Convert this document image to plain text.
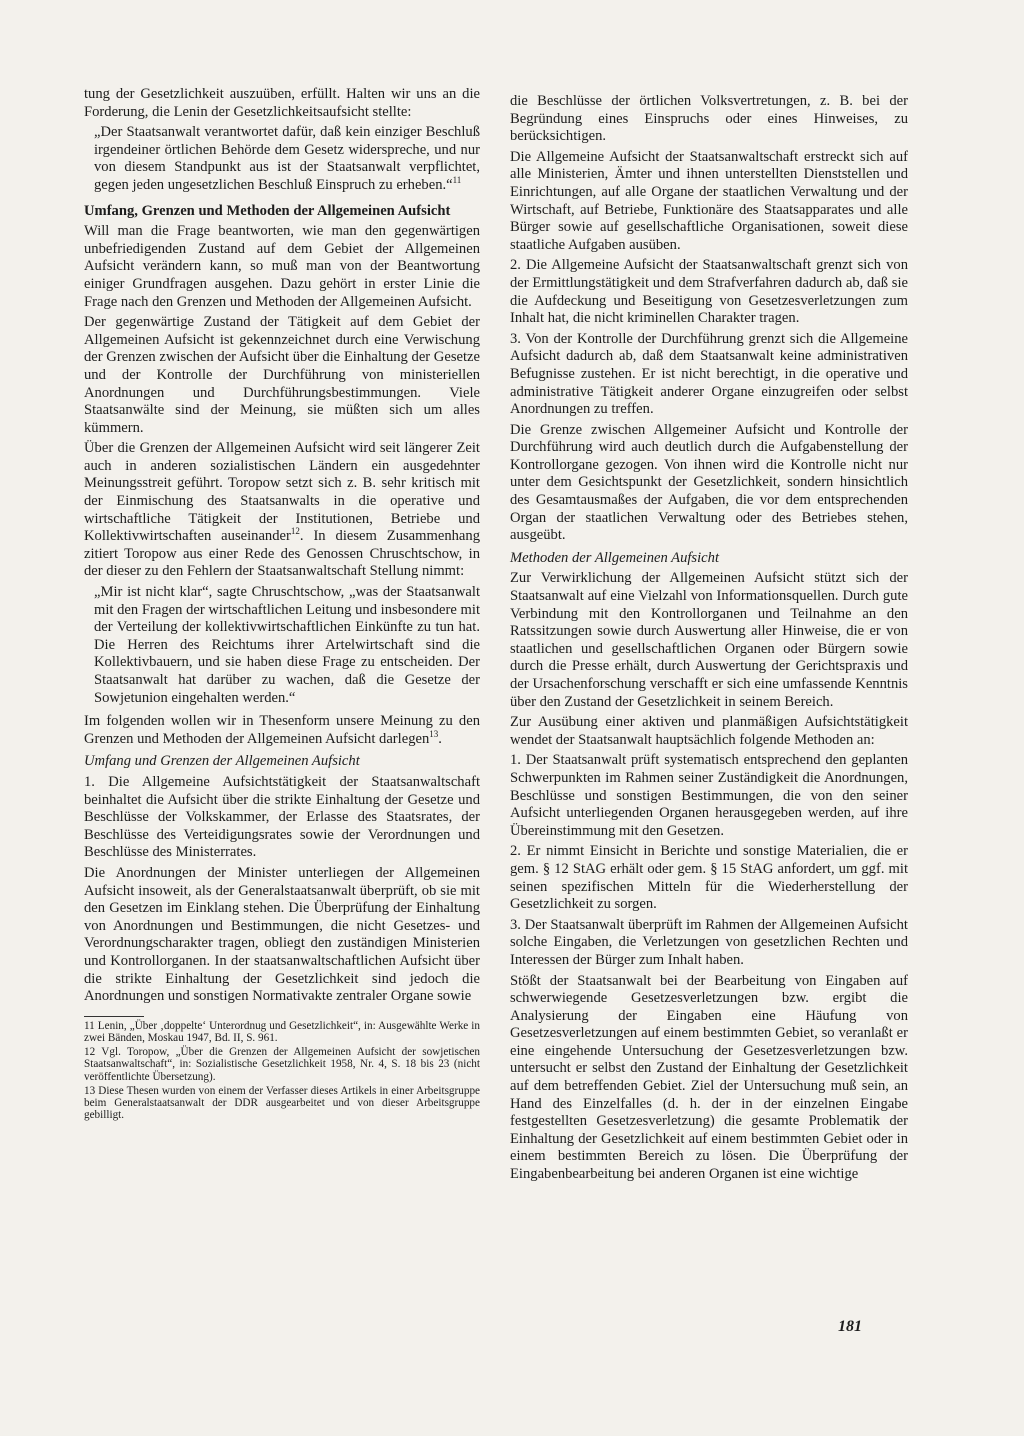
tung der Gesetzlichkeit auszuüben, erfüllt. Halten wir uns an die Forderung, die Lenin der Gesetzlichkeitsaufsicht stellte:

„Der Staatsanwalt verantwortet dafür, daß kein einziger Beschluß irgendeiner örtlichen Behörde dem Gesetz widerspreche, und nur von diesem Standpunkt aus ist der Staatsanwalt verpflichtet, gegen jeden ungesetzlichen Beschluß Einspruch zu erheben.“$^{11}$

Umfang, Grenzen und Methoden der Allgemeinen Aufsicht

Will man die Frage beantworten, wie man den gegenwärtigen unbefriedigenden Zustand auf dem Gebiet der Allgemeinen Aufsicht verändern kann, so muß man von der Beantwortung einiger Grundfragen ausgehen. Dazu gehört in erster Linie die Frage nach den Grenzen und Methoden der Allgemeinen Aufsicht.

Der gegenwärtige Zustand der Tätigkeit auf dem Gebiet der Allgemeinen Aufsicht ist gekennzeichnet durch eine Verwischung der Grenzen zwischen der Aufsicht über die Einhaltung der Gesetze und der Kontrolle der Durchführung von ministeriellen Anordnungen und Durchführungsbestimmungen. Viele Staatsanwälte sind der Meinung, sie müßten sich um alles kümmern.

Über die Grenzen der Allgemeinen Aufsicht wird seit längerer Zeit auch in anderen sozialistischen Ländern ein ausgedehnter Meinungsstreit geführt. Toropow setzt sich z. B. sehr kritisch mit der Einmischung des Staatsanwalts in die operative und wirtschaftliche Tätigkeit der Institutionen, Betriebe und Kollektivwirtschaften auseinander$^{12}$. In diesem Zusammenhang zitiert Toropow aus einer Rede des Genossen Chruschtschow, in der dieser zu den Fehlern der Staatsanwaltschaft Stellung nimmt:

„Mir ist nicht klar“, sagte Chruschtschow, „was der Staatsanwalt mit den Fragen der wirtschaftlichen Leitung und insbesondere mit der Verteilung der kollektivwirtschaftlichen Einkünfte zu tun hat. Die Herren des Reichtums ihrer Artelwirtschaft sind die Kollektivbauern, und sie haben diese Frage zu entscheiden. Der Staatsanwalt hat darüber zu wachen, daß die Gesetze der Sowjetunion eingehalten werden.“

Im folgenden wollen wir in Thesenform unsere Meinung zu den Grenzen und Methoden der Allgemeinen Aufsicht darlegen$^{13}$.

Umfang und Grenzen der Allgemeinen Aufsicht

1. Die Allgemeine Aufsichtstätigkeit der Staatsanwaltschaft beinhaltet die Aufsicht über die strikte Einhaltung der Gesetze und Beschlüsse der Volkskammer, der Erlasse des Staatsrates, der Beschlüsse des Verteidigungsrates sowie der Verordnungen und Beschlüsse des Ministerrates.

Die Anordnungen der Minister unterliegen der Allgemeinen Aufsicht insoweit, als der Generalstaatsanwalt überprüft, ob sie mit den Gesetzen im Einklang stehen. Die Überprüfung der Einhaltung von Anordnungen und Bestimmungen, die nicht Gesetzes- und Verordnungscharakter tragen, obliegt den zuständigen Ministerien und Kontrollorganen. In der staatsanwaltschaftlichen Aufsicht über die strikte Einhaltung der Gesetzlichkeit sind jedoch die Anordnungen und sonstigen Normativakte zentraler Organe sowie

11 Lenin, „Über ‚doppelte‘ Unterordnug und Gesetzlichkeit“, in: Ausgewählte Werke in zwei Bänden, Moskau 1947, Bd. II, S. 961.

12 Vgl. Toropow, „Über die Grenzen der Allgemeinen Aufsicht der sowjetischen Staatsanwaltschaft“, in: Sozialistische Gesetzlichkeit 1958, Nr. 4, S. 18 bis 23 (nicht veröffentlichte Übersetzung).

13 Diese Thesen wurden von einem der Verfasser dieses Artikels in einer Arbeitsgruppe beim Generalstaatsanwalt der DDR ausgearbeitet und von dieser Arbeitsgruppe gebilligt.

die Beschlüsse der örtlichen Volksvertretungen, z. B. bei der Begründung eines Einspruchs oder eines Hinweises, zu berücksichtigen.

Die Allgemeine Aufsicht der Staatsanwaltschaft erstreckt sich auf alle Ministerien, Ämter und ihnen unterstellten Dienststellen und Einrichtungen, auf alle Organe der staatlichen Verwaltung und der Wirtschaft, auf Betriebe, Funktionäre des Staatsapparates und alle Bürger sowie auf gesellschaftliche Organisationen, soweit diese staatliche Aufgaben ausüben.

2. Die Allgemeine Aufsicht der Staatsanwaltschaft grenzt sich von der Ermittlungstätigkeit und dem Strafverfahren dadurch ab, daß sie die Aufdeckung und Beseitigung von Gesetzesverletzungen zum Inhalt hat, die nicht kriminellen Charakter tragen.

3. Von der Kontrolle der Durchführung grenzt sich die Allgemeine Aufsicht dadurch ab, daß dem Staatsanwalt keine administrativen Befugnisse zustehen. Er ist nicht berechtigt, in die operative und administrative Tätigkeit anderer Organe einzugreifen oder selbst Anordnungen zu treffen.

Die Grenze zwischen Allgemeiner Aufsicht und Kontrolle der Durchführung wird auch deutlich durch die Aufgabenstellung der Kontrollorgane gezogen. Von ihnen wird die Kontrolle nicht nur unter dem Gesichtspunkt der Gesetzlichkeit, sondern hinsichtlich des Gesamtausmaßes der Aufgaben, die vor dem entsprechenden Organ der staatlichen Verwaltung oder des Betriebes stehen, ausgeübt.

Methoden der Allgemeinen Aufsicht

Zur Verwirklichung der Allgemeinen Aufsicht stützt sich der Staatsanwalt auf eine Vielzahl von Informationsquellen. Durch gute Verbindung mit den Kontrollorganen und Teilnahme an den Ratssitzungen sowie durch Auswertung aller Hinweise, die er von staatlichen und gesellschaftlichen Organen oder Bürgern sowie durch die Presse erhält, durch Auswertung der Gerichtspraxis und der Ursachenforschung verschafft er sich eine umfassende Kenntnis über den Zustand der Gesetzlichkeit in seinem Bereich.

Zur Ausübung einer aktiven und planmäßigen Aufsichtstätigkeit wendet der Staatsanwalt hauptsächlich folgende Methoden an:

1. Der Staatsanwalt prüft systematisch entsprechend den geplanten Schwerpunkten im Rahmen seiner Zuständigkeit die Anordnungen, Beschlüsse und sonstigen Bestimmungen, die von den seiner Aufsicht unterliegenden Organen herausgegeben werden, auf ihre Übereinstimmung mit den Gesetzen.

2. Er nimmt Einsicht in Berichte und sonstige Materialien, die er gem. § 12 StAG erhält oder gem. § 15 StAG anfordert, um ggf. mit seinen spezifischen Mitteln für die Wiederherstellung der Gesetzlichkeit zu sorgen.

3. Der Staatsanwalt überprüft im Rahmen der Allgemeinen Aufsicht solche Eingaben, die Verletzungen von gesetzlichen Rechten und Interessen der Bürger zum Inhalt haben.

Stößt der Staatsanwalt bei der Bearbeitung von Eingaben auf schwerwiegende Gesetzesverletzungen bzw. ergibt die Analysierung der Eingaben eine Häufung von Gesetzesverletzungen auf einem bestimmten Gebiet, so veranlaßt er eine eingehende Untersuchung der Gesetzesverletzungen bzw. untersucht er selbst den Zustand der Einhaltung der Gesetzlichkeit auf dem betreffenden Gebiet. Ziel der Untersuchung muß sein, an Hand des Einzelfalles (d. h. der in der einzelnen Eingabe festgestellten Gesetzesverletzung) die gesamte Problematik der Einhaltung der Gesetzlichkeit auf einem bestimmten Gebiet oder in einem bestimmten Bereich zu lösen. Die Überprüfung der Eingabenbearbeitung bei anderen Organen ist eine wichtige

181
